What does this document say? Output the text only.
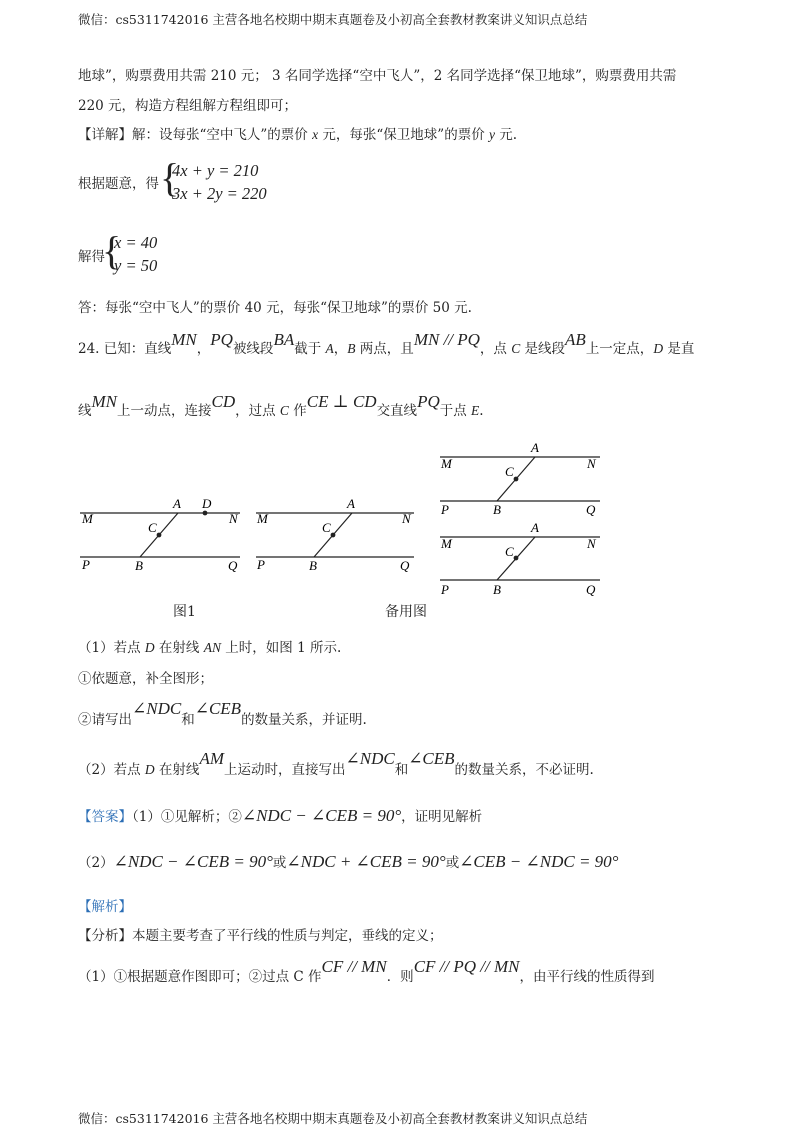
微信：cs5311742016 主营各地名校期中期末真题卷及小初高全套教材教案讲义知识点总结
地球”，购票费用共需 210 元； 3 名同学选择“空中飞人”，2 名同学选择“保卫地球”，购票费用共需
220 元，构造方程组解方程组即可；
【详解】解：设每张“空中飞人”的票价 x 元，每张“保卫地球”的票价 y 元.
根据题意，得 {
4x + y = 210
3x + 2y = 220
解得
{
x = 40
y = 50
答：每张“空中飞人”的票价 40 元，每张“保卫地球”的票价 50 元.
24. 已知：直线MN，PQ被线段BA截于 A，B 两点，且MN // PQ，点 C 是线段AB上一定点，D 是直
线MN上一动点，连接CD，过点 C 作CE ⊥ CD交直线PQ于点 E.
M	N
P	Q
A D
C
B
M	N
P	Q
A
C
B
M	N
P	Q
A
C
B
M	N
P	Q
A
C
B
图1	备用图
（1）若点 D 在射线 AN 上时，如图 1 所示.
①依题意，补全图形；
②请写出∠NDC和∠CEB的数量关系，并证明.
（2）若点 D 在射线AM上运动时，直接写出∠NDC和∠CEB的数量关系，不必证明.
【答案】（1）①见解析；②∠NDC − ∠CEB = 90°，证明见解析
（2）∠NDC − ∠CEB = 90°或∠NDC + ∠CEB = 90°或∠CEB − ∠NDC = 90°
【解析】
【分析】本题主要考查了平行线的性质与判定，垂线的定义；
（1）①根据题意作图即可；②过点 C 作CF // MN．则CF // PQ // MN，由平行线的性质得到
微信：cs5311742016 主营各地名校期中期末真题卷及小初高全套教材教案讲义知识点总结
